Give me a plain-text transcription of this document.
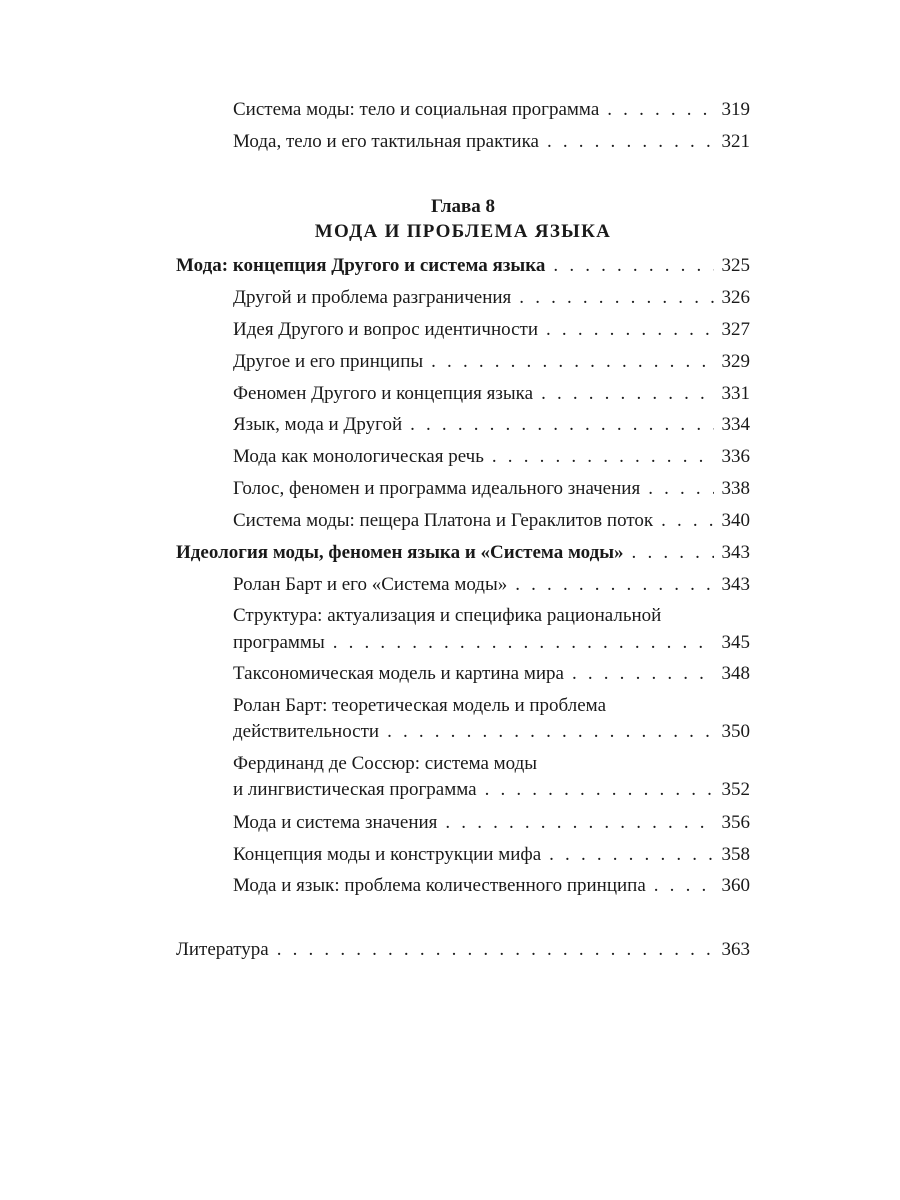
Система моды: тело и социальная программа . . .	319
Мода, тело и его тактильная практика . . .	321
Глава 8
МОДА И ПРОБЛЕМА ЯЗЫКА
Мода: концепция Другого и система языка . . .	325
Другой и проблема разграничения . . .	326
Идея Другого и вопрос идентичности . . .	327
Другое и его принципы . . .	329
Феномен Другого и концепция языка . . .	331
Язык, мода и Другой . . .	334
Мода как монологическая речь . . .	336
Голос, феномен и программа идеального значения . . .	338
Система моды: пещера Платона и Гераклитов поток . . .	340
Идеология моды, феномен языка и «Система моды» . . .	343
Ролан Барт и его «Система моды» . . .	343
Структура: актуализация и специфика рациональной
программы . . .	345
Таксономическая модель и картина мира . . .	348
Ролан Барт: теоретическая модель и проблема
действительности . . .	350
Фердинанд де Соссюр: система моды
и лингвистическая программа . . .	352
Мода и система значения . . .	356
Концепция моды и конструкции мифа . . .	358
Мода и язык: проблема количественного принципа . . .	360
Литература . . .	363
